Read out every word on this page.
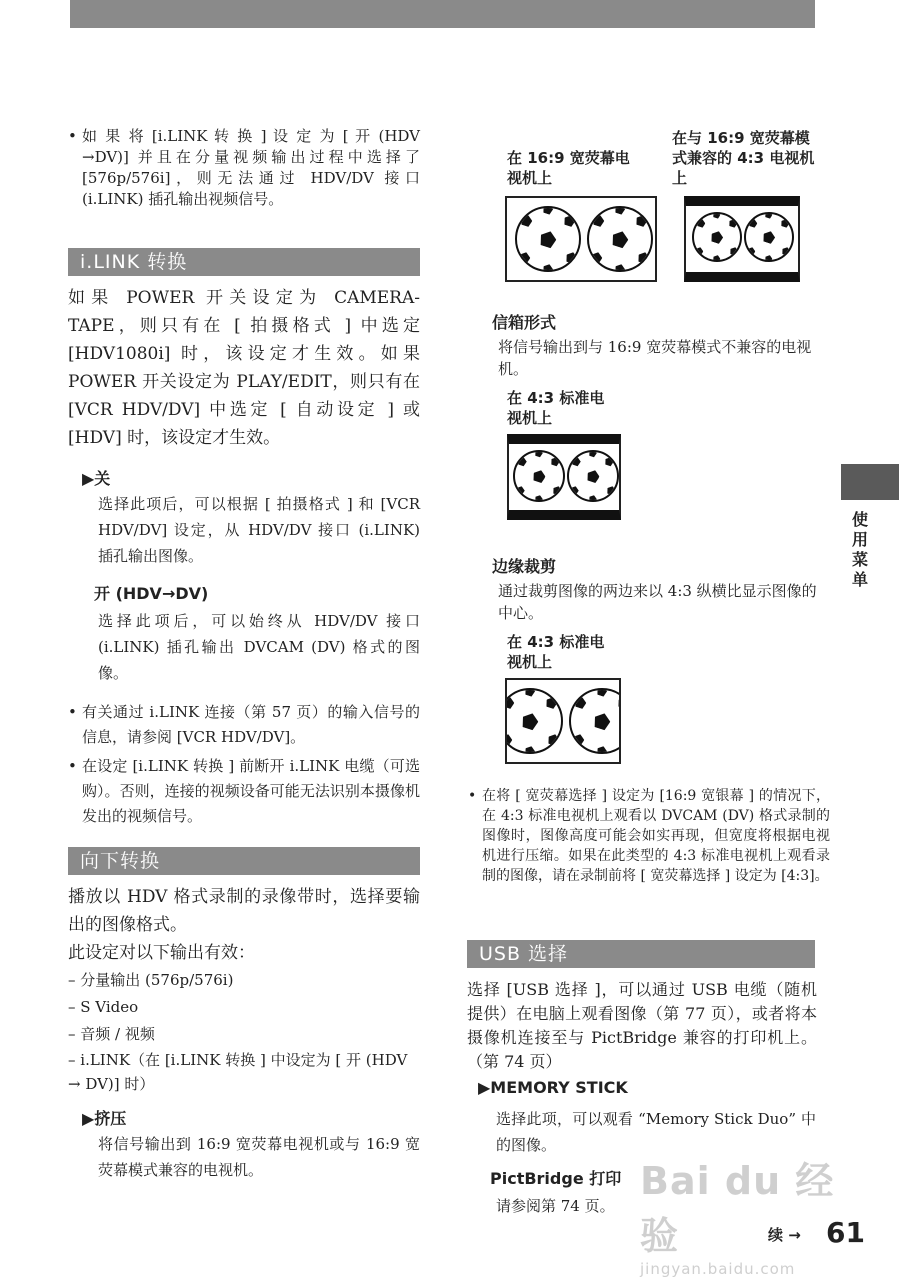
• 如 果 将 [i.LINK 转 换 ] 设 定 为 [ 开 (HDV →DV)] 并且在分量视频输出过程中选择了 [576p/576i]，则无法通过 HDV/DV 接口 (i.LINK) 插孔输出视频信号。

i.LINK 转换

如果 POWER 开关设定为 CAMERA-TAPE，则只有在 [ 拍摄格式 ] 中选定 [HDV1080i] 时，该设定才生效。如果 POWER 开关设定为 PLAY/EDIT，则只有在 [VCR HDV/DV] 中选定 [ 自动设定 ] 或 [HDV] 时，该设定才生效。

▶关

选择此项后，可以根据 [ 拍摄格式 ] 和 [VCR HDV/DV] 设定，从 HDV/DV 接口 (i.LINK) 插孔输出图像。

开 (HDV→DV)

选择此项后，可以始终从 HDV/DV 接口 (i.LINK) 插孔输出 DVCAM (DV) 格式的图像。

• 有关通过 i.LINK 连接（第 57 页）的输入信号的信息，请参阅 [VCR HDV/DV]。

• 在设定 [i.LINK 转换 ] 前断开 i.LINK 电缆（可选购）。否则，连接的视频设备可能无法识别本摄像机发出的视频信号。

向下转换

播放以 HDV 格式录制的录像带时，选择要输出的图像格式。

此设定对以下输出有效：

– 分量输出 (576p/576i)
– S Video
– 音频 / 视频
– i.LINK（在 [i.LINK 转换 ] 中设定为 [ 开 (HDV → DV)] 时）
▶挤压

将信号输出到 16:9 宽荧幕电视机或与 16:9 宽荧幕模式兼容的电视机。

在 16:9 宽荧幕电视机上
在与 16:9 宽荧幕模式兼容的 4:3 电视机上
信箱形式

将信号输出到与 16:9 宽荧幕模式不兼容的电视机。

在 4:3 标准电视机上
边缘裁剪

通过裁剪图像的两边来以 4:3 纵横比显示图像的中心。

在 4:3 标准电视机上

• 在将 [ 宽荧幕选择 ] 设定为 [16:9 宽银幕 ] 的情况下，在 4:3 标准电视机上观看以 DVCAM (DV) 格式录制的图像时，图像高度可能会如实再现，但宽度将根据电视机进行压缩。如果在此类型的 4:3 标准电视机上观看录制的图像，请在录制前将 [ 宽荧幕选择 ] 设定为 [4:3]。

USB 选择

选择 [USB 选择 ]，可以通过 USB 电缆（随机提供）在电脑上观看图像（第 77 页），或者将本摄像机连接至与 PictBridge 兼容的打印机上。（第 74 页）

▶MEMORY STICK

选择此项，可以观看 “Memory Stick Duo” 中的图像。

PictBridge 打印

请参阅第 74 页。

使用菜单
Bai du 经验
jingyan.baidu.com
续 → 61
